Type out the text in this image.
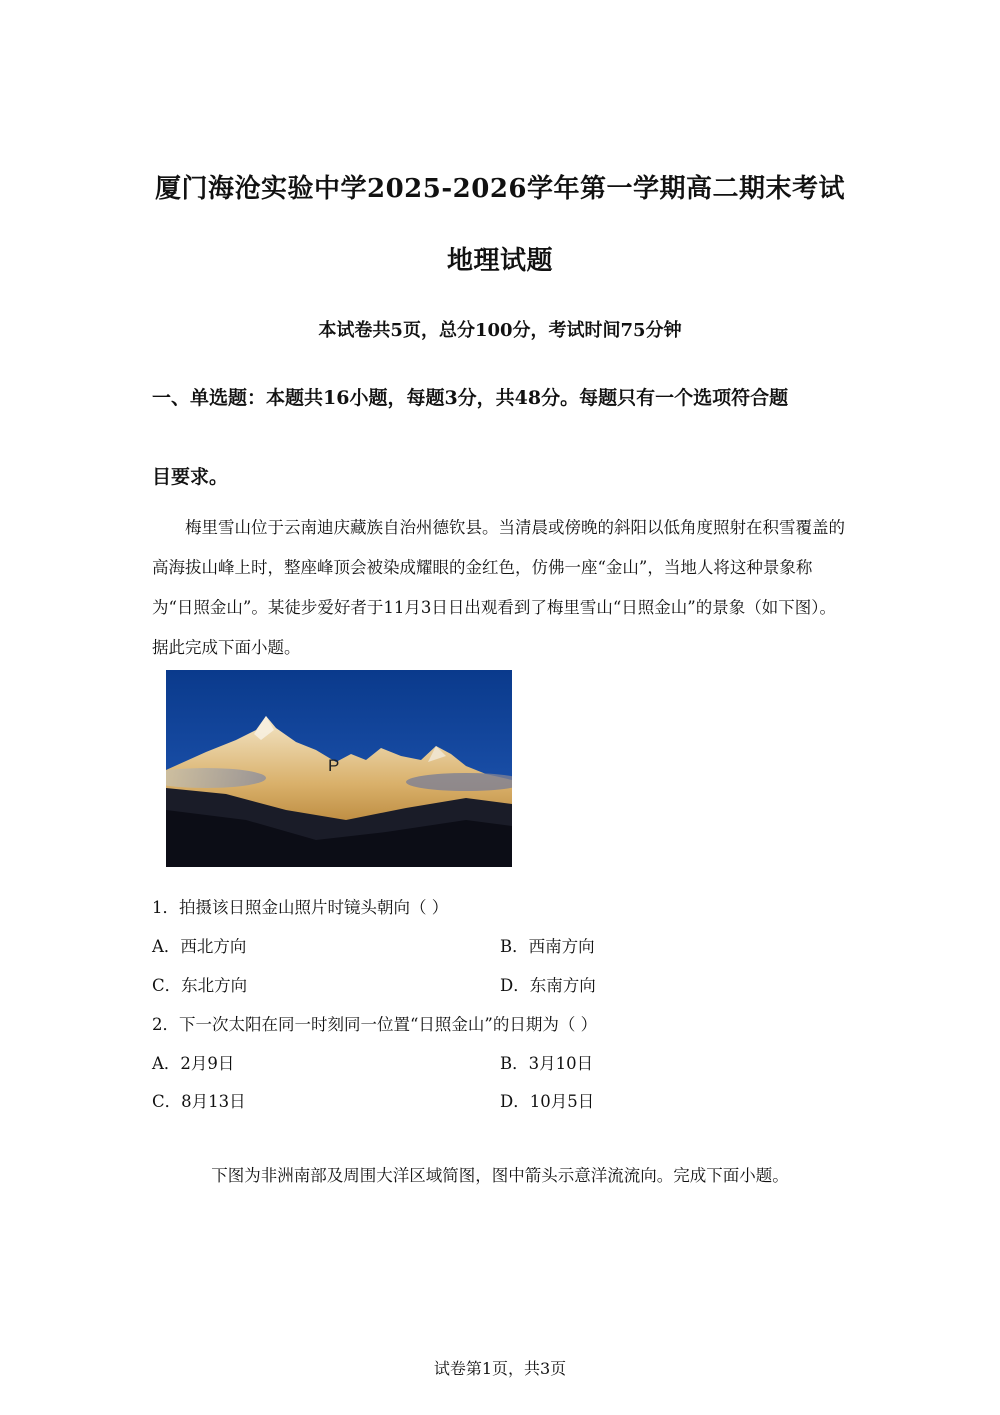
厦门海沧实验中学2025-2026学年第一学期高二期末考试
地理试题
本试卷共5页，总分100分，考试时间75分钟
一、单选题：本题共16小题，每题3分，共48分。每题只有一个选项符合题
目要求。
梅里雪山位于云南迪庆藏族自治州德钦县。当清晨或傍晚的斜阳以低角度照射在积雪覆盖的高海拔山峰上时，整座峰顶会被染成耀眼的金红色，仿佛一座“金山”，当地人将这种景象称为“日照金山”。某徒步爱好者于11月3日日出观看到了梅里雪山“日照金山”的景象（如下图）。据此完成下面小题。
P
1．拍摄该日照金山照片时镜头朝向（ ）
A．西北方向	B．西南方向
C．东北方向	D．东南方向
2．下一次太阳在同一时刻同一位置“日照金山”的日期为（ ）
A．2月9日	B．3月10日
C．8月13日	D．10月5日
下图为非洲南部及周围大洋区域简图，图中箭头示意洋流流向。完成下面小题。
试卷第1页，共3页
